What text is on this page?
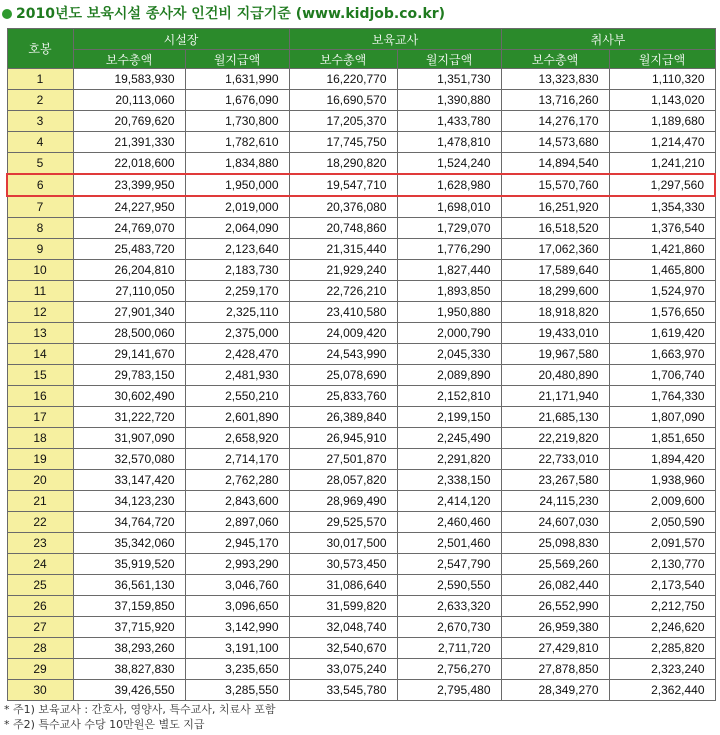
2010년도 보육시설 종사자 인건비 지급기준 (www.kidjob.co.kr)
호봉	시설장		보육교사		취사부	
	보수총액	월지급액	보수총액	월지급액	보수총액	월지급액
1	19,583,930	1,631,990	16,220,770	1,351,730	13,323,830	1,110,320
2	20,113,060	1,676,090	16,690,570	1,390,880	13,716,260	1,143,020
3	20,769,620	1,730,800	17,205,370	1,433,780	14,276,170	1,189,680
4	21,391,330	1,782,610	17,745,750	1,478,810	14,573,680	1,214,470
5	22,018,600	1,834,880	18,290,820	1,524,240	14,894,540	1,241,210
6	23,399,950	1,950,000	19,547,710	1,628,980	15,570,760	1,297,560
7	24,227,950	2,019,000	20,376,080	1,698,010	16,251,920	1,354,330
8	24,769,070	2,064,090	20,748,860	1,729,070	16,518,520	1,376,540
9	25,483,720	2,123,640	21,315,440	1,776,290	17,062,360	1,421,860
10	26,204,810	2,183,730	21,929,240	1,827,440	17,589,640	1,465,800
11	27,110,050	2,259,170	22,726,210	1,893,850	18,299,600	1,524,970
12	27,901,340	2,325,110	23,410,580	1,950,880	18,918,820	1,576,650
13	28,500,060	2,375,000	24,009,420	2,000,790	19,433,010	1,619,420
14	29,141,670	2,428,470	24,543,990	2,045,330	19,967,580	1,663,970
15	29,783,150	2,481,930	25,078,690	2,089,890	20,480,890	1,706,740
16	30,602,490	2,550,210	25,833,760	2,152,810	21,171,940	1,764,330
17	31,222,720	2,601,890	26,389,840	2,199,150	21,685,130	1,807,090
18	31,907,090	2,658,920	26,945,910	2,245,490	22,219,820	1,851,650
19	32,570,080	2,714,170	27,501,870	2,291,820	22,733,010	1,894,420
20	33,147,420	2,762,280	28,057,820	2,338,150	23,267,580	1,938,960
21	34,123,230	2,843,600	28,969,490	2,414,120	24,115,230	2,009,600
22	34,764,720	2,897,060	29,525,570	2,460,460	24,607,030	2,050,590
23	35,342,060	2,945,170	30,017,500	2,501,460	25,098,830	2,091,570
24	35,919,520	2,993,290	30,573,450	2,547,790	25,569,260	2,130,770
25	36,561,130	3,046,760	31,086,640	2,590,550	26,082,440	2,173,540
26	37,159,850	3,096,650	31,599,820	2,633,320	26,552,990	2,212,750
27	37,715,920	3,142,990	32,048,740	2,670,730	26,959,380	2,246,620
28	38,293,260	3,191,100	32,540,670	2,711,720	27,429,810	2,285,820
29	38,827,830	3,235,650	33,075,240	2,756,270	27,878,850	2,323,240
30	39,426,550	3,285,550	33,545,780	2,795,480	28,349,270	2,362,440
* 주1) 보육교사 : 간호사, 영양사, 특수교사, 치료사 포함
* 주2) 특수교사 수당 10만원은 별도 지급
